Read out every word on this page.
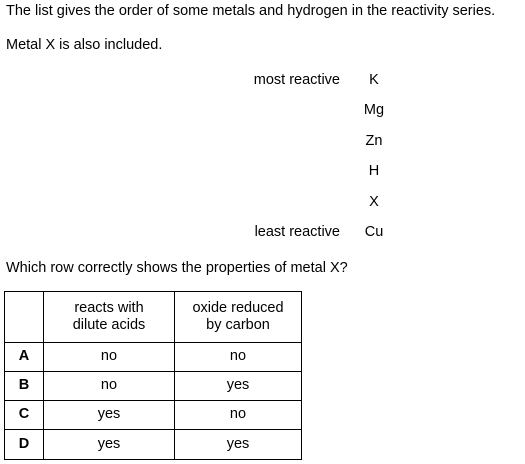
The list gives the order of some metals and hydrogen in the reactivity series.
Metal X is also included.
most reactive	K
Mg
Zn
H
X
least reactive	Cu
Which row correctly shows the properties of metal X?
	reacts with dilute acids	oxide reduced by carbon
A	no	no
B	no	yes
C	yes	no
D	yes	yes
